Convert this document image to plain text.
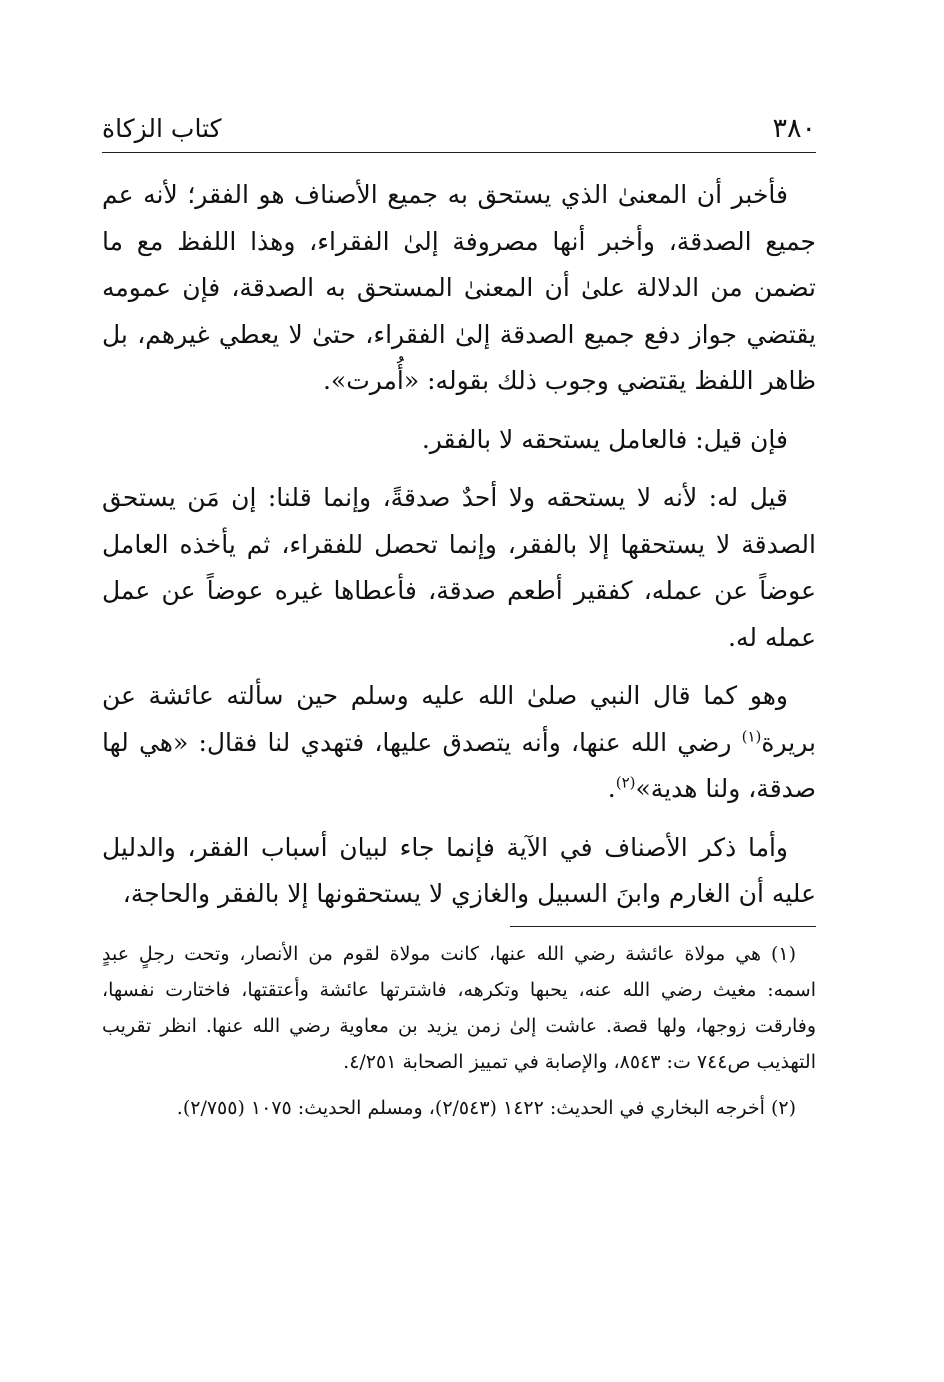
٣٨٠
كتاب الزكاة

فأخبر أن المعنىٰ الذي يستحق به جميع الأصناف هو الفقر؛ لأنه عم جميع الصدقة، وأخبر أنها مصروفة إلىٰ الفقراء، وهذا اللفظ مع ما تضمن من الدلالة علىٰ أن المعنىٰ المستحق به الصدقة، فإن عمومه يقتضي جواز دفع جميع الصدقة إلىٰ الفقراء، حتىٰ لا يعطي غيرهم، بل ظاهر اللفظ يقتضي وجوب ذلك بقوله: «أُمرت».

فإن قيل: فالعامل يستحقه لا بالفقر.

قيل له: لأنه لا يستحقه ولا أحدٌ صدقةً، وإنما قلنا: إن مَن يستحق الصدقة لا يستحقها إلا بالفقر، وإنما تحصل للفقراء، ثم يأخذه العامل عوضاً عن عمله، كفقير أطعم صدقة، فأعطاها غيره عوضاً عن عمل عمله له.

وهو كما قال النبي صلىٰ الله عليه وسلم حين سألته عائشة عن بريرة$^{(١)}$ رضي الله عنها، وأنه يتصدق عليها، فتهدي لنا فقال: «هي لها صدقة، ولنا هدية»$^{(٢)}$.

وأما ذكر الأصناف في الآية فإنما جاء لبيان أسباب الفقر، والدليل عليه أن الغارم وابنَ السبيل والغازي لا يستحقونها إلا بالفقر والحاجة،

(١) هي مولاة عائشة رضي الله عنها، كانت مولاة لقوم من الأنصار، وتحت رجلٍ عبدٍ اسمه: مغيث رضي الله عنه، يحبها وتكرهه، فاشترتها عائشة وأعتقتها، فاختارت نفسها، وفارقت زوجها، ولها قصة. عاشت إلىٰ زمن يزيد بن معاوية رضي الله عنها. انظر تقريب التهذيب ص٧٤٤ ت: ٨٥٤٣، والإصابة في تمييز الصحابة ٤/٢٥١.

(٢) أخرجه البخاري في الحديث: ١٤٢٢ (٢/٥٤٣)، ومسلم الحديث: ١٠٧٥ (٢/٧٥٥).
